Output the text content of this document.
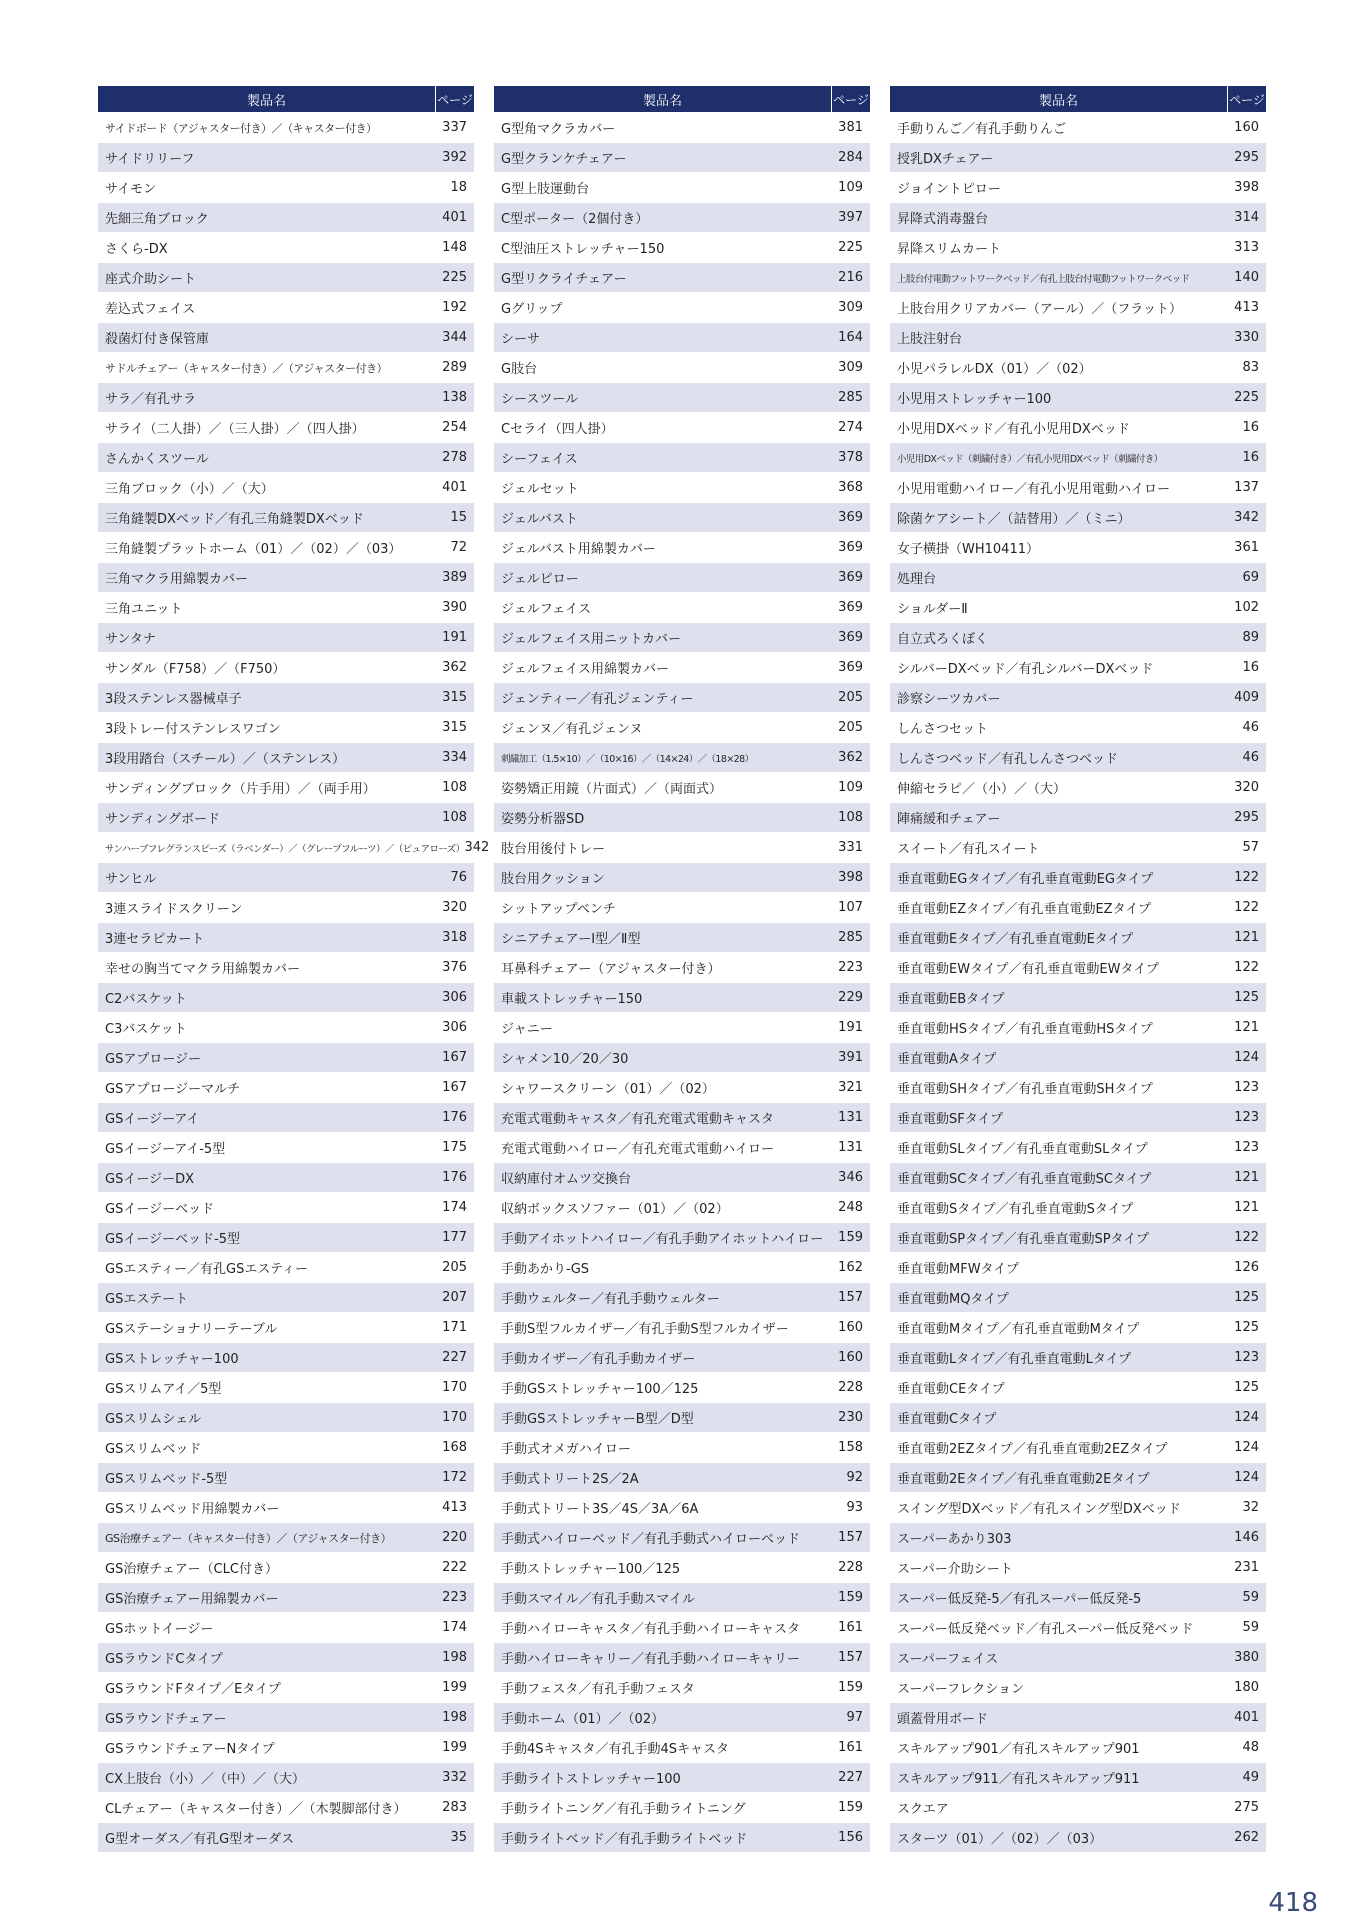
製品名	ページ
サイドボード（アジャスター付き）／（キャスター付き）	337
サイドリリーフ	392
サイモン	18
先細三角ブロック	401
さくら-DX	148
座式介助シート	225
差込式フェイス	192
殺菌灯付き保管庫	344
サドルチェアー（キャスター付き）／（アジャスター付き）	289
サラ／有孔サラ	138
サライ（二人掛）／（三人掛）／（四人掛）	254
さんかくスツール	278
三角ブロック（小）／（大）	401
三角縫製DXベッド／有孔三角縫製DXベッド	15
三角縫製プラットホーム（01）／（02）／（03）	72
三角マクラ用綿製カバー	389
三角ユニット	390
サンタナ	191
サンダル（F758）／（F750）	362
3段ステンレス器械卓子	315
3段トレー付ステンレスワゴン	315
3段用踏台（スチール）／（ステンレス）	334
サンディングブロック（片手用）／（両手用）	108
サンディングボード	108
サンハーブフレグランスピーズ（ラベンダー）／（グレープフルーツ）／（ピュアローズ） 342
サンヒル	76
3連スライドスクリーン	320
3連セラピカート	318
幸せの胸当てマクラ用綿製カバー	376
C2バスケット	306
C3バスケット	306
GSアプロージー	167
GSアプロージーマルチ	167
GSイージーアイ	176
GSイージーアイ-5型	175
GSイージーDX	176
GSイージーベッド	174
GSイージーベッド-5型	177
GSエスティー／有孔GSエスティー	205
GSエステート	207
GSステーショナリーテーブル	171
GSストレッチャー100	227
GSスリムアイ／5型	170
GSスリムシェル	170
GSスリムベッド	168
GSスリムベッド-5型	172
GSスリムベッド用綿製カバー	413
GS治療チェアー（キャスター付き）／（アジャスター付き）	220
GS治療チェアー（CLC付き）	222
GS治療チェアー用綿製カバー	223
GSホットイージー	174
GSラウンドCタイプ	198
GSラウンドFタイプ／Eタイプ	199
GSラウンドチェアー	198
GSラウンドチェアーNタイプ	199
CX上肢台（小）／（中）／（大）	332
CLチェアー（キャスター付き）／（木製脚部付き）	283
G型オーダス／有孔G型オーダス	35
製品名	ページ
G型角マクラカバー	381
G型クランケチェアー	284
G型上肢運動台	109
C型ポーター（2個付き）	397
C型油圧ストレッチャー150	225
G型リクライチェアー	216
Gグリップ	309
シーサ	164
G肢台	309
シースツール	285
Cセライ（四人掛）	274
シーフェイス	378
ジェルセット	368
ジェルバスト	369
ジェルバスト用綿製カバー	369
ジェルピロー	369
ジェルフェイス	369
ジェルフェイス用ニットカバー	369
ジェルフェイス用綿製カバー	369
ジェンティー／有孔ジェンティー	205
ジェンヌ／有孔ジェンヌ	205
刺繍加工（1.5×10）／（10×16）／（14×24）／（18×28）	362
姿勢矯正用鏡（片面式）／（両面式）	109
姿勢分析器SD	108
肢台用後付トレー	331
肢台用クッション	398
シットアップベンチ	107
シニアチェアーⅠ型／Ⅱ型	285
耳鼻科チェアー（アジャスター付き）	223
車載ストレッチャー150	229
ジャニー	191
シャメン10／20／30	391
シャワースクリーン（01）／（02）	321
充電式電動キャスタ／有孔充電式電動キャスタ	131
充電式電動ハイロー／有孔充電式電動ハイロー	131
収納庫付オムツ交換台	346
収納ボックスソファー（01）／（02）	248
手動アイホットハイロー／有孔手動アイホットハイロー	159
手動あかり-GS	162
手動ウェルター／有孔手動ウェルター	157
手動S型フルカイザー／有孔手動S型フルカイザー	160
手動カイザー／有孔手動カイザー	160
手動GSストレッチャー100／125	228
手動GSストレッチャーB型／D型	230
手動式オメガハイロー	158
手動式トリート2S／2A	92
手動式トリート3S／4S／3A／6A	93
手動式ハイローベッド／有孔手動式ハイローベッド	157
手動ストレッチャー100／125	228
手動スマイル／有孔手動スマイル	159
手動ハイローキャスタ／有孔手動ハイローキャスタ	161
手動ハイローキャリー／有孔手動ハイローキャリー	157
手動フェスタ／有孔手動フェスタ	159
手動ホーム（01）／（02）	97
手動4Sキャスタ／有孔手動4Sキャスタ	161
手動ライトストレッチャー100	227
手動ライトニング／有孔手動ライトニング	159
手動ライトベッド／有孔手動ライトベッド	156
製品名	ページ
手動りんご／有孔手動りんご	160
授乳DXチェアー	295
ジョイントピロー	398
昇降式消毒盤台	314
昇降スリムカート	313
上肢台付電動フットワークベッド／有孔上肢台付電動フットワークベッド	140
上肢台用クリアカバー（アール）／（フラット）	413
上肢注射台	330
小児パラレルDX（01）／（02）	83
小児用ストレッチャー100	225
小児用DXベッド／有孔小児用DXベッド	16
小児用DXベッド（刺繍付き）／有孔小児用DXベッド（刺繍付き）	16
小児用電動ハイロー／有孔小児用電動ハイロー	137
除菌ケアシート／（詰替用）／（ミニ）	342
女子横掛（WH10411）	361
処理台	69
ショルダーⅡ	102
自立式ろくぼく	89
シルバーDXベッド／有孔シルバーDXベッド	16
診察シーツカバー	409
しんさつセット	46
しんさつベッド／有孔しんさつベッド	46
伸縮セラピ／（小）／（大）	320
陣痛緩和チェアー	295
スイート／有孔スイート	57
垂直電動EGタイプ／有孔垂直電動EGタイプ	122
垂直電動EZタイプ／有孔垂直電動EZタイプ	122
垂直電動Eタイプ／有孔垂直電動Eタイプ	121
垂直電動EWタイプ／有孔垂直電動EWタイプ	122
垂直電動EBタイプ	125
垂直電動HSタイプ／有孔垂直電動HSタイプ	121
垂直電動Aタイプ	124
垂直電動SHタイプ／有孔垂直電動SHタイプ	123
垂直電動SFタイプ	123
垂直電動SLタイプ／有孔垂直電動SLタイプ	123
垂直電動SCタイプ／有孔垂直電動SCタイプ	121
垂直電動Sタイプ／有孔垂直電動Sタイプ	121
垂直電動SPタイプ／有孔垂直電動SPタイプ	122
垂直電動MFWタイプ	126
垂直電動MQタイプ	125
垂直電動Mタイプ／有孔垂直電動Mタイプ	125
垂直電動Lタイプ／有孔垂直電動Lタイプ	123
垂直電動CEタイプ	125
垂直電動Cタイプ	124
垂直電動2EZタイプ／有孔垂直電動2EZタイプ	124
垂直電動2Eタイプ／有孔垂直電動2Eタイプ	124
スイング型DXベッド／有孔スイング型DXベッド	32
スーパーあかり303	146
スーパー介助シート	231
スーパー低反発-5／有孔スーパー低反発-5	59
スーパー低反発ベッド／有孔スーパー低反発ベッド	59
スーパーフェイス	380
スーパーフレクション	180
頭蓋骨用ボード	401
スキルアップ901／有孔スキルアップ901	48
スキルアップ911／有孔スキルアップ911	49
スクエア	275
スターツ（01）／（02）／（03）	262
418
